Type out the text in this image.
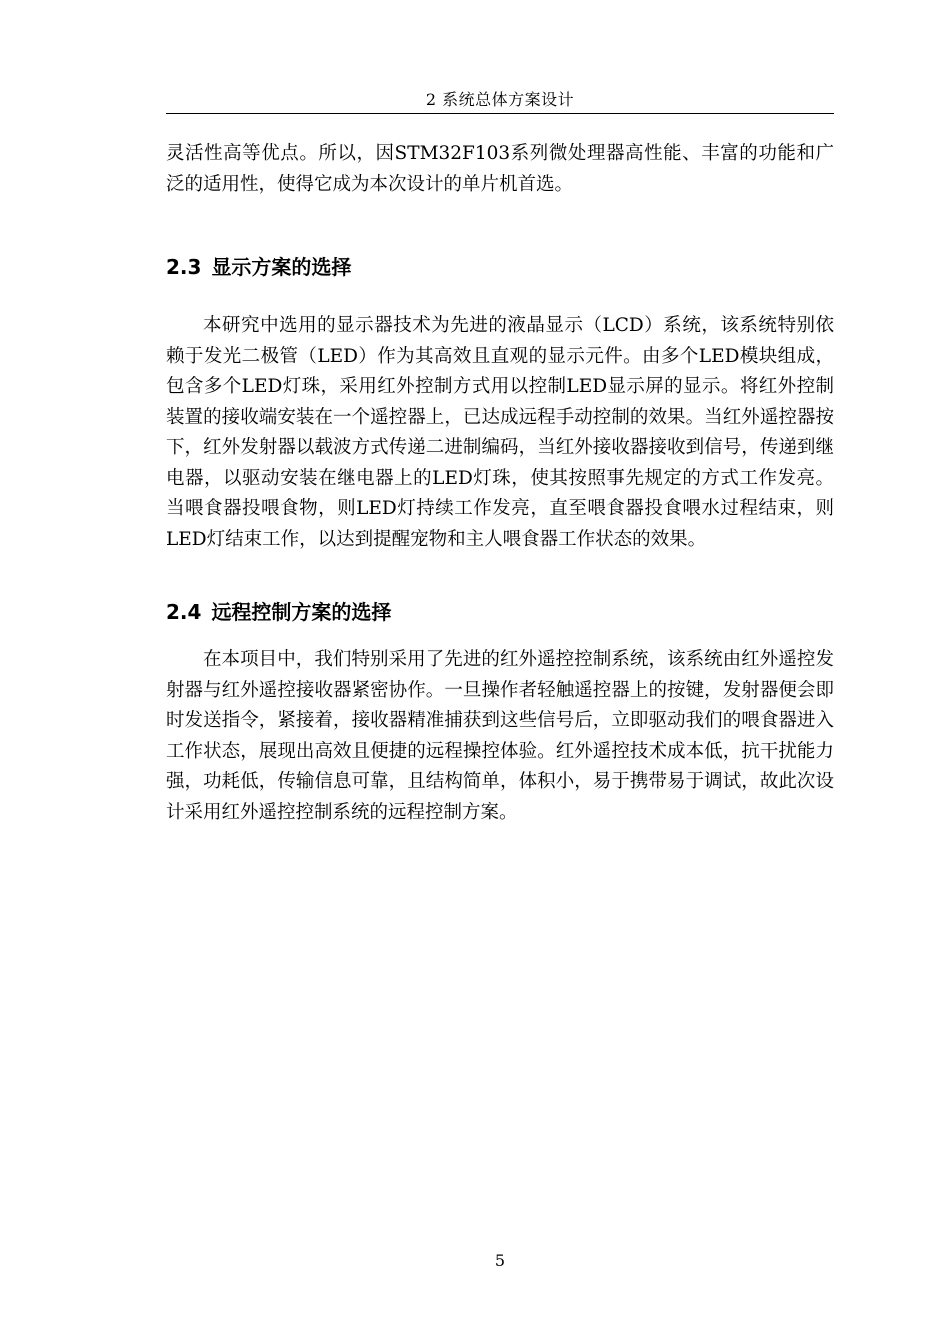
2 系统总体方案设计

灵活性高等优点。所以，因STM32F103系列微处理器高性能、丰富的功能和广泛的适用性，使得它成为本次设计的单片机首选。

2.3 显示方案的选择

本研究中选用的显示器技术为先进的液晶显示（LCD）系统，该系统特别依赖于发光二极管（LED）作为其高效且直观的显示元件。由多个LED模块组成，包含多个LED灯珠，采用红外控制方式用以控制LED显示屏的显示。将红外控制装置的接收端安装在一个遥控器上，已达成远程手动控制的效果。当红外遥控器按下，红外发射器以载波方式传递二进制编码，当红外接收器接收到信号，传递到继电器，以驱动安装在继电器上的LED灯珠，使其按照事先规定的方式工作发亮。当喂食器投喂食物，则LED灯持续工作发亮，直至喂食器投食喂水过程结束，则LED灯结束工作，以达到提醒宠物和主人喂食器工作状态的效果。

2.4 远程控制方案的选择

在本项目中，我们特别采用了先进的红外遥控控制系统，该系统由红外遥控发射器与红外遥控接收器紧密协作。一旦操作者轻触遥控器上的按键，发射器便会即时发送指令，紧接着，接收器精准捕获到这些信号后，立即驱动我们的喂食器进入工作状态，展现出高效且便捷的远程操控体验。红外遥控技术成本低，抗干扰能力强，功耗低，传输信息可靠，且结构简单，体积小，易于携带易于调试，故此次设计采用红外遥控控制系统的远程控制方案。

5
